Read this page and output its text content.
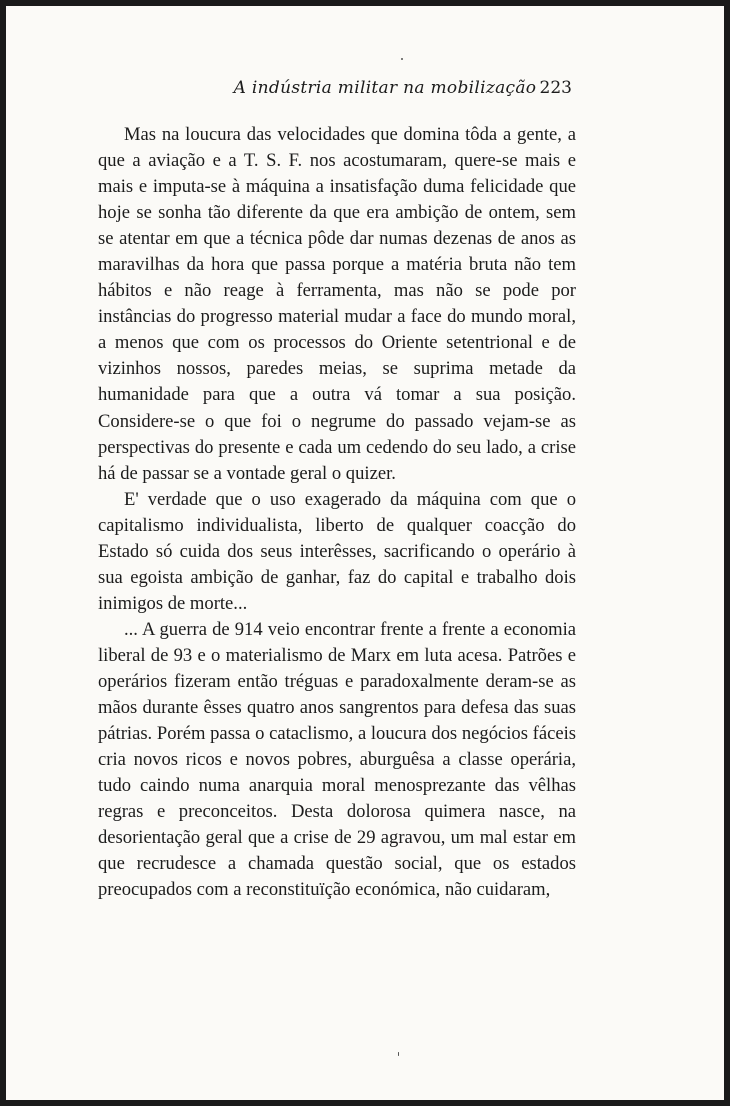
A indústria militar na mobilização 223

Mas na loucura das velocidades que domina tôda a gente, a que a aviação e a T. S. F. nos acostumaram, quere-se mais e mais e imputa-se à máquina a insatisfação duma felicidade que hoje se sonha tão diferente da que era ambição de ontem, sem se atentar em que a técnica pôde dar numas dezenas de anos as maravilhas da hora que passa porque a matéria bruta não tem hábitos e não reage à ferramenta, mas não se pode por instâncias do progresso material mudar a face do mundo moral, a menos que com os processos do Oriente setentrional e de vizinhos nossos, paredes meias, se suprima metade da humanidade para que a outra vá tomar a sua posição. Considere-se o que foi o negrume do passado vejam-se as perspectivas do presente e cada um cedendo do seu lado, a crise há de passar se a vontade geral o quizer.

E' verdade que o uso exagerado da máquina com que o capitalismo individualista, liberto de qualquer coacção do Estado só cuida dos seus interêsses, sacrificando o operário à sua egoista ambição de ganhar, faz do capital e trabalho dois inimigos de morte...

... A guerra de 914 veio encontrar frente a frente a economia liberal de 93 e o materialismo de Marx em luta acesa. Patrões e operários fizeram então tréguas e paradoxalmente deram-se as mãos durante êsses quatro anos sangrentos para defesa das suas pátrias. Porém passa o cataclismo, a loucura dos negócios fáceis cria novos ricos e novos pobres, aburguêsa a classe operária, tudo caindo numa anarquia moral menosprezante das vêlhas regras e preconceitos. Desta dolorosa quimera nasce, na desorientação geral que a crise de 29 agravou, um mal estar em que recrudesce a chamada questão social, que os estados preocupados com a reconstituïção económica, não cuidaram,
